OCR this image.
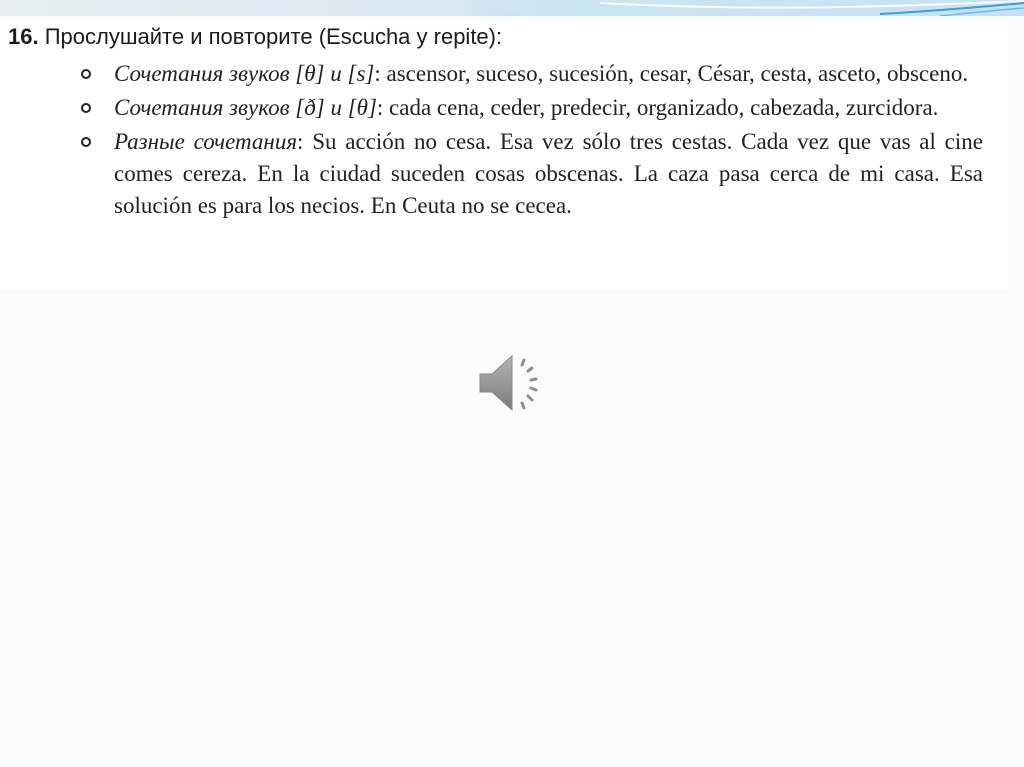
16. Прослушайте и повторите (Escucha y repite):
Сочетания звуков [θ] и [s]: ascensor, suceso, sucesión, cesar, César, cesta, asceto, obsceno.
Сочетания звуков [ð] и [θ]: cada cena, ceder, predecir, organizado, cabezada, zurcidora.
Разные сочетания: Su acción no cesa. Esa vez sólo tres cestas. Cada vez que vas al cine comes cereza. En la ciudad suceden cosas obscenas. La caza pasa cerca de mi casa. Esa solución es para los necios. En Ceuta no se cecea.
